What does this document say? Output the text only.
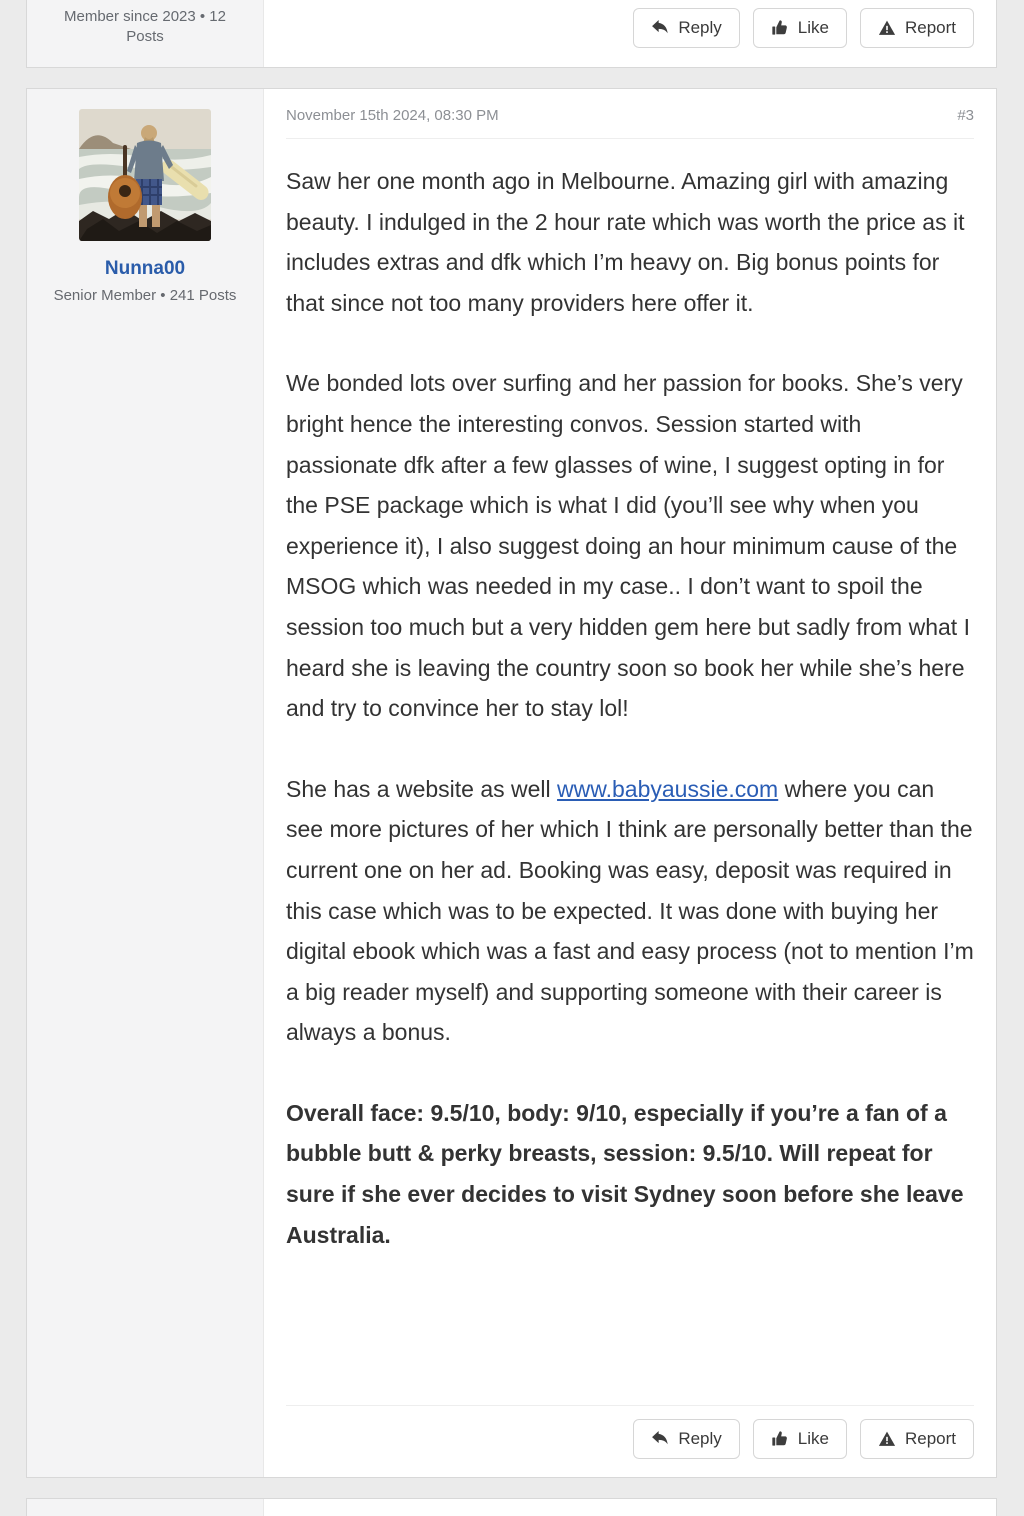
Member since 2023 • 12 Posts	Reply	Like	Report
Nunna00
Senior Member • 241 Posts
November 15th 2024, 08:30 PM	#3

Saw her one month ago in Melbourne. Amazing girl with amazing beauty. I indulged in the 2 hour rate which was worth the price as it includes extras and dfk which I’m heavy on. Big bonus points for that since not too many providers here offer it.

We bonded lots over surfing and her passion for books. She’s very bright hence the interesting convos. Session started with passionate dfk after a few glasses of wine, I suggest opting in for the PSE package which is what I did (you’ll see why when you experience it), I also suggest doing an hour minimum cause of the MSOG which was needed in my case.. I don’t want to spoil the session too much but a very hidden gem here but sadly from what I heard she is leaving the country soon so book her while she’s here and try to convince her to stay lol!

She has a website as well www.babyaussie.com where you can see more pictures of her which I think are personally better than the current one on her ad. Booking was easy, deposit was required in this case which was to be expected. It was done with buying her digital ebook which was a fast and easy process (not to mention I’m a big reader myself) and supporting someone with their career is always a bonus.

Overall face: 9.5/10, body: 9/10, especially if you’re a fan of a bubble butt & perky breasts, session: 9.5/10. Will repeat for sure if she ever decides to visit Sydney soon before she leave Australia.

Reply	Like	Report
